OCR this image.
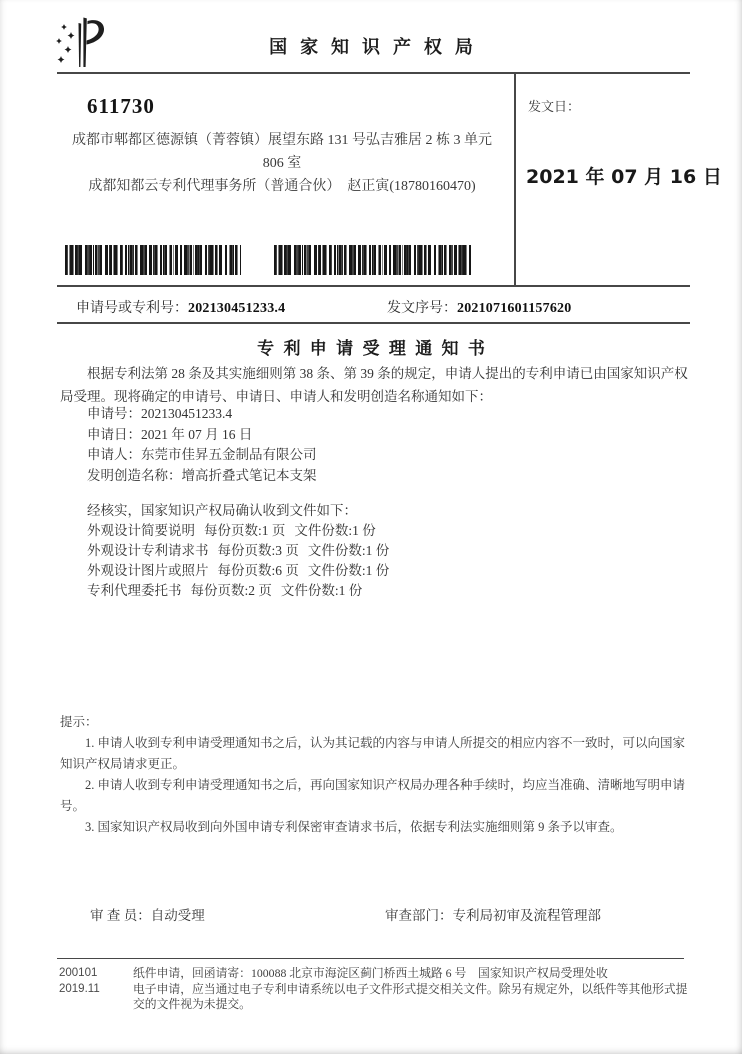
国家知识产权局
611730
成都市郫都区德源镇（菁蓉镇）展望东路 131 号弘吉雅居 2 栋 3 单元
806 室
成都知都云专利代理事务所（普通合伙）　赵正寅(18780160470)
发文日：
2021 年 07 月 16 日
申请号或专利号：202130451233.4	发文序号：2021071601157620
专利申请受理通知书

根据专利法第 28 条及其实施细则第 38 条、第 39 条的规定，申请人提出的专利申请已由国家知识产权局受理。现将确定的申请号、申请日、申请人和发明创造名称通知如下：

申请号：202130451233.4
申请日：2021 年 07 月 16 日
申请人：东莞市佳昇五金制品有限公司
发明创造名称：增高折叠式笔记本支架
经核实，国家知识产权局确认收到文件如下：
外观设计简要说明 每份页数:1 页 文件份数:1 份
外观设计专利请求书 每份页数:3 页 文件份数:1 份
外观设计图片或照片 每份页数:6 页 文件份数:1 份
专利代理委托书 每份页数:2 页 文件份数:1 份

提示：

1. 申请人收到专利申请受理通知书之后，认为其记载的内容与申请人所提交的相应内容不一致时，可以向国家知识产权局请求更正。

2. 申请人收到专利申请受理通知书之后，再向国家知识产权局办理各种手续时，均应当准确、清晰地写明申请号。

3. 国家知识产权局收到向外国申请专利保密审查请求书后，依据专利法实施细则第 9 条予以审查。

审 查 员：自动受理	审查部门：专利局初审及流程管理部
200101
2019.11

纸件申请，回函请寄：100088 北京市海淀区蓟门桥西土城路 6 号　国家知识产权局受理处收

电子申请，应当通过电子专利申请系统以电子文件形式提交相关文件。除另有规定外，以纸件等其他形式提交的文件视为未提交。
